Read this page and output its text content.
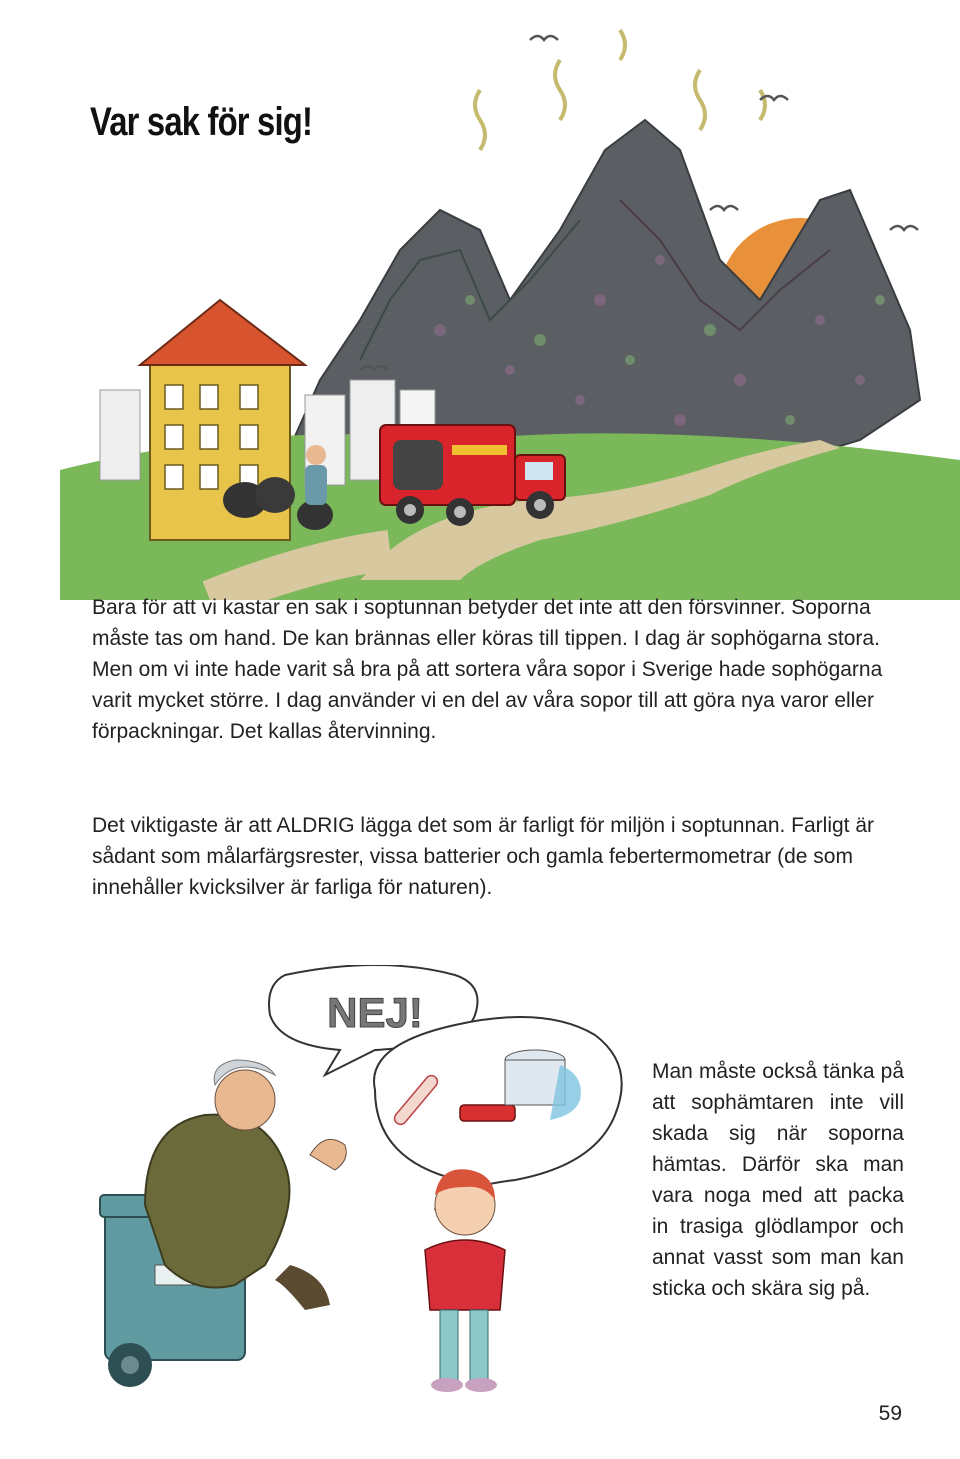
Var sak för sig!

Bara för att vi kastar en sak i soptunnan betyder det inte att den försvinner. Soporna måste tas om hand. De kan brännas eller köras till tippen. I dag är sophögarna stora. Men om vi inte hade varit så bra på att sortera våra sopor i Sverige hade sophögarna varit mycket större. I dag använder vi en del av våra sopor till att göra nya varor eller förpackningar. Det kallas återvinning.

Det viktigaste är att ALDRIG lägga det som är farligt för miljön i soptunnan. Farligt är sådant som målarfärgsrester, vissa batterier och gamla febertermometrar (de som innehåller kvicksilver är farliga för naturen).

NEJ!

Man måste också tänka på att sophämtaren inte vill skada sig när soporna hämtas. Därför ska man vara noga med att packa in trasiga glödlampor och annat vasst som man kan sticka och skära sig på.

59
